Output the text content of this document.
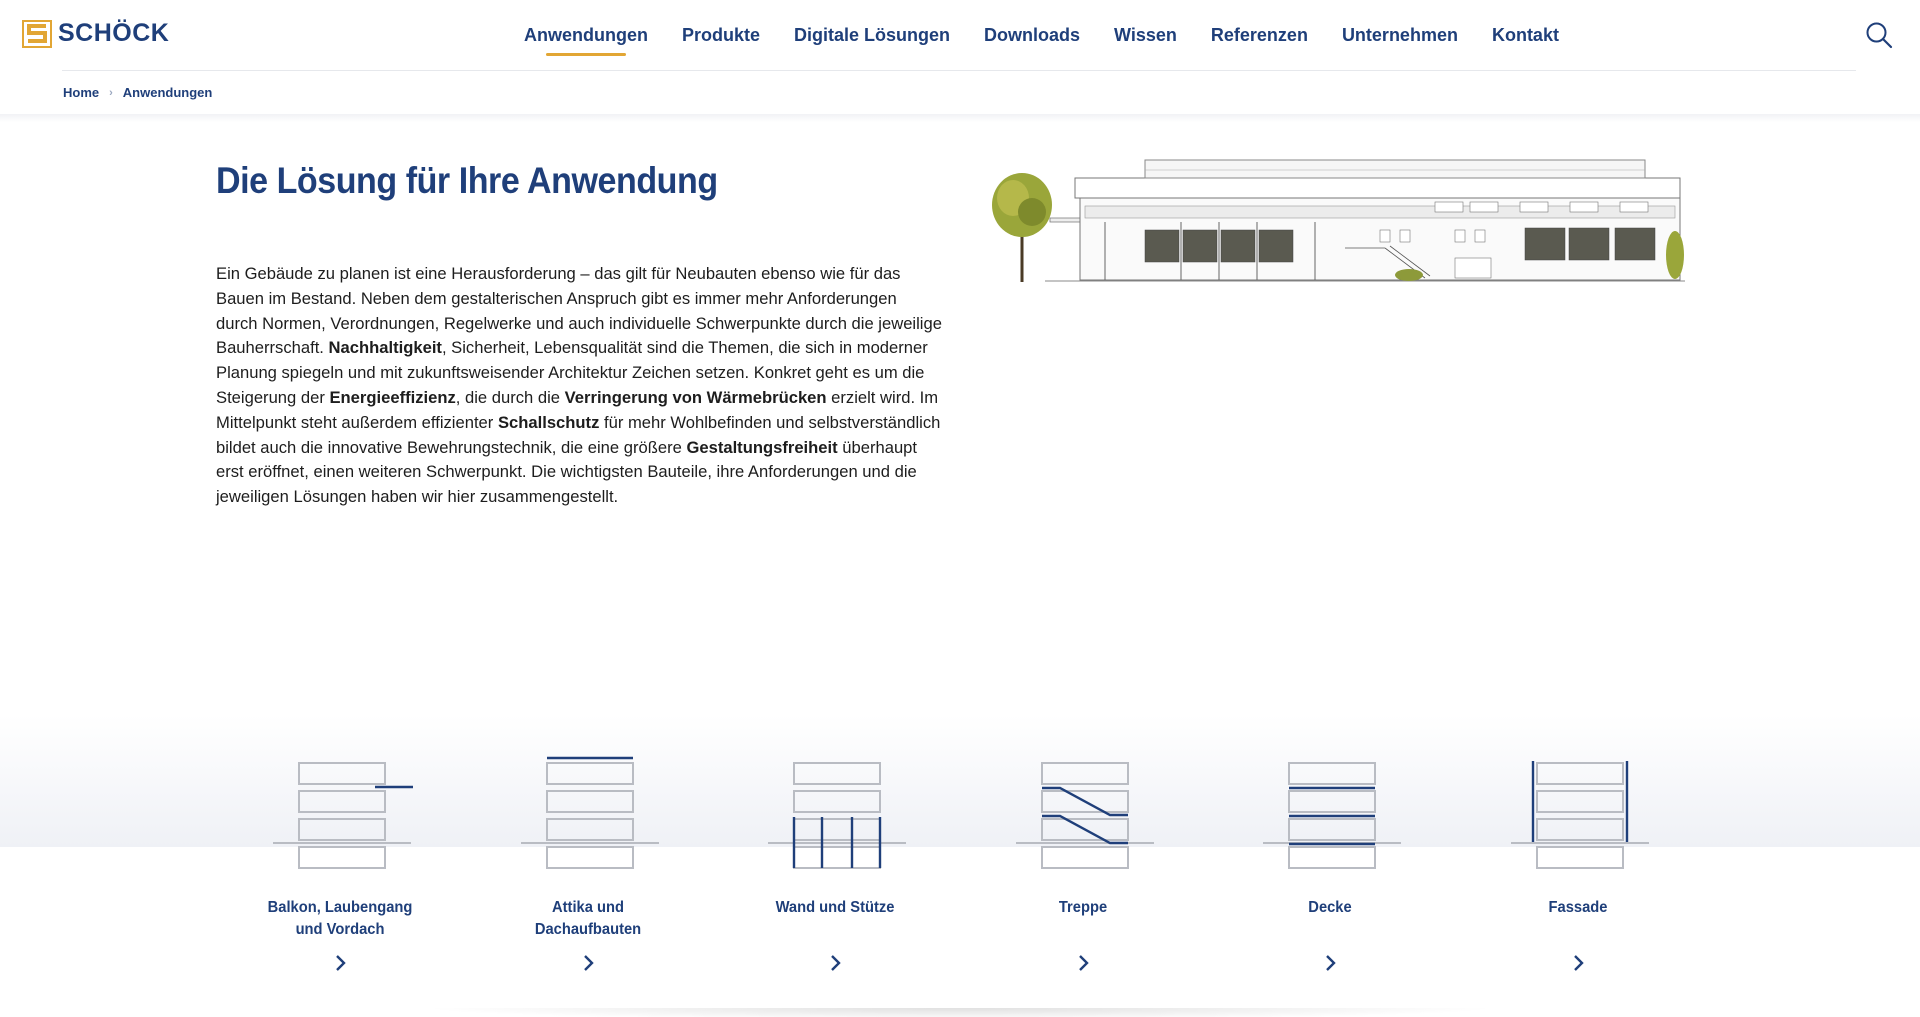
SCHÖCK	Anwendungen Produkte Digitale Lösungen Downloads Wissen Referenzen Unternehmen Kontakt
Home › Anwendungen
Die Lösung für Ihre Anwendung
Ein Gebäude zu planen ist eine Herausforderung – das gilt für Neubauten ebenso wie für das Bauen im Bestand. Neben dem gestalterischen Anspruch gibt es immer mehr Anforderungen durch Normen, Verordnungen, Regelwerke und auch individuelle Schwerpunkte durch die jeweilige Bauherrschaft. Nachhaltigkeit, Sicherheit, Lebensqualität sind die Themen, die sich in moderner Planung spiegeln und mit zukunftsweisender Architektur Zeichen setzen. Konkret geht es um die Steigerung der Energieeffizienz, die durch die Verringerung von Wärmebrücken erzielt wird. Im Mittelpunkt steht außerdem effizienter Schallschutz für mehr Wohlbefinden und selbstverständlich bildet auch die innovative Bewehrungstechnik, die eine größere Gestaltungsfreiheit überhaupt erst eröffnet, einen weiteren Schwerpunkt. Die wichtigsten Bauteile, ihre Anforderungen und die jeweiligen Lösungen haben wir hier zusammengestellt.
Balkon, Laubengang
und Vordach
Attika und
Dachaufbauten
Wand und Stütze	Treppe	Decke	Fassade
